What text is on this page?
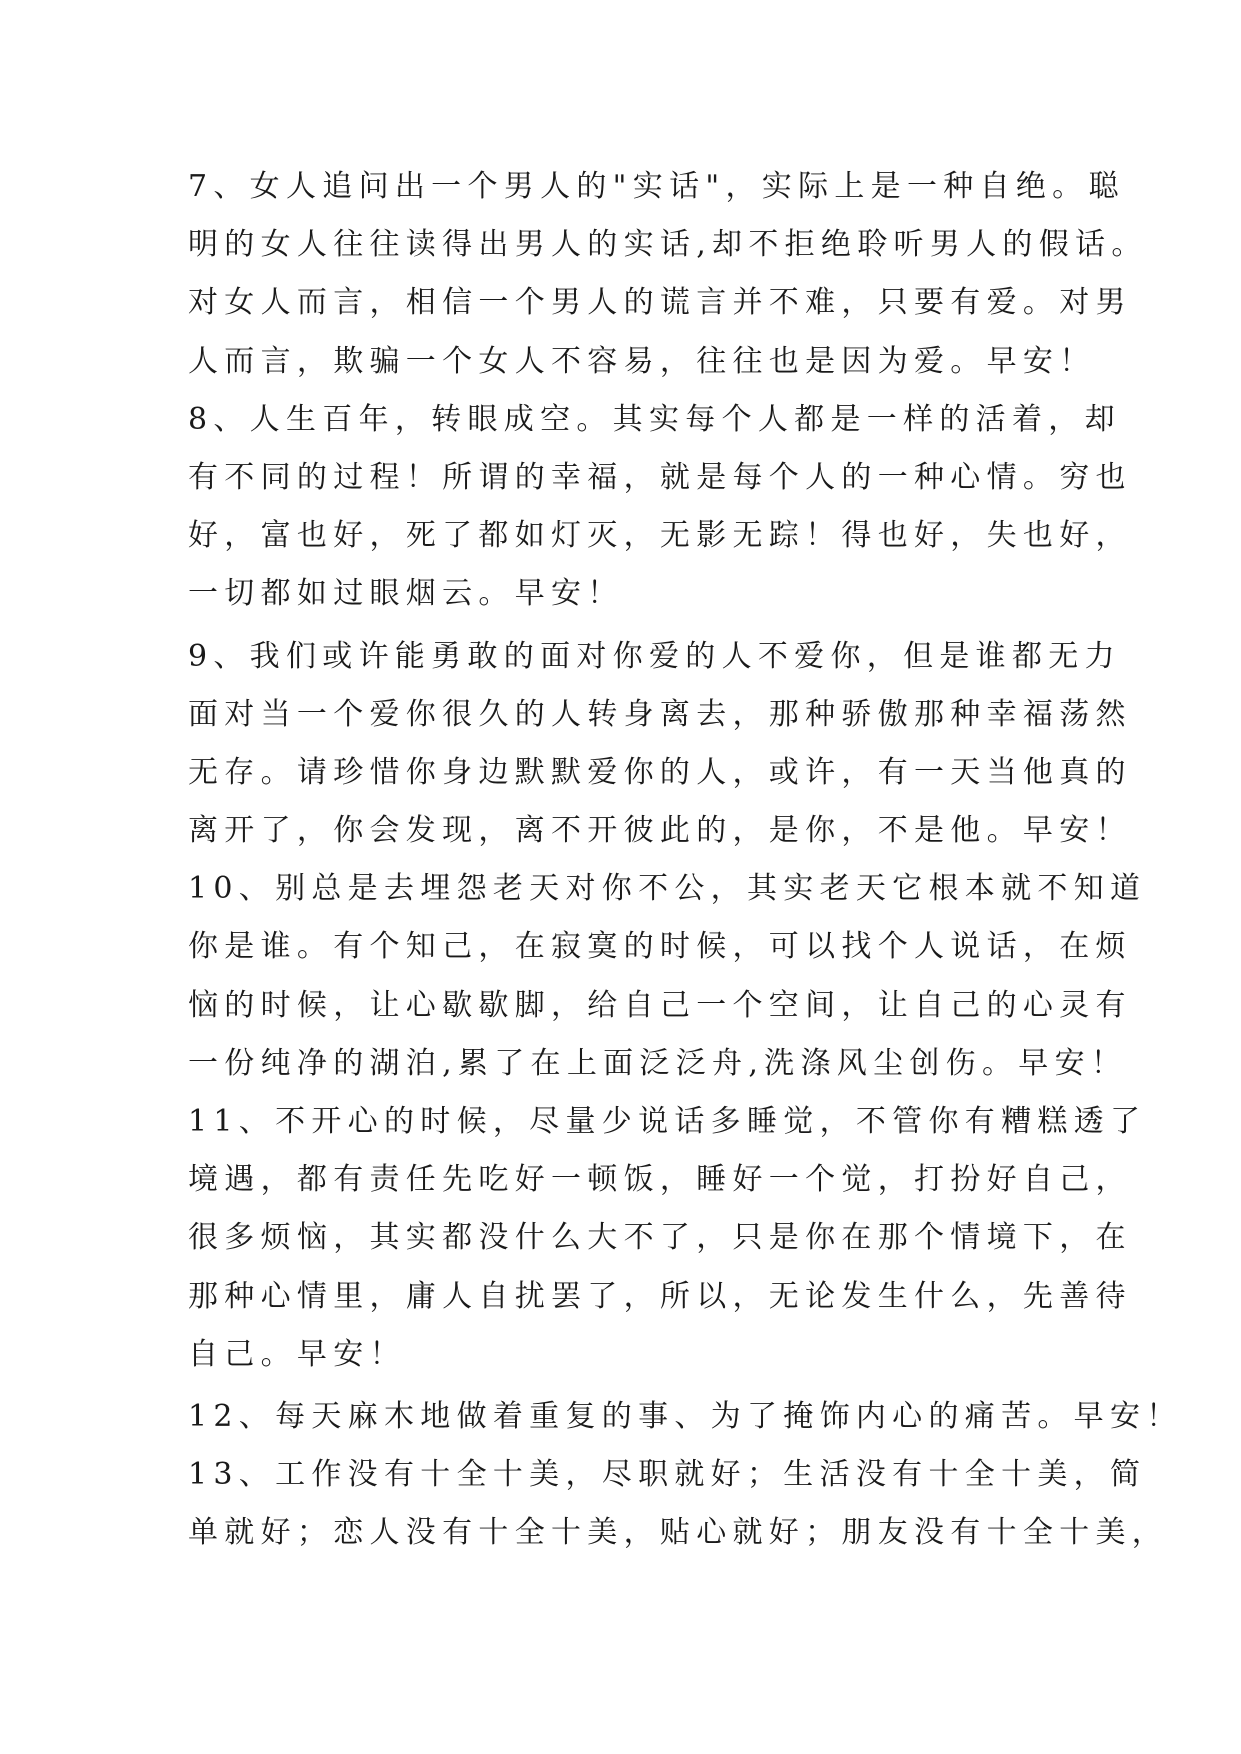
7、女人追问出一个男人的"实话"，实际上是一种自绝。聪
明的女人往往读得出男人的实话,却不拒绝聆听男人的假话。
对女人而言，相信一个男人的谎言并不难，只要有爱。对男
人而言，欺骗一个女人不容易，往往也是因为爱。早安！
8、人生百年，转眼成空。其实每个人都是一样的活着，却
有不同的过程！所谓的幸福，就是每个人的一种心情。穷也
好，富也好，死了都如灯灭，无影无踪！得也好，失也好，
一切都如过眼烟云。早安！
9、我们或许能勇敢的面对你爱的人不爱你，但是谁都无力
面对当一个爱你很久的人转身离去，那种骄傲那种幸福荡然
无存。请珍惜你身边默默爱你的人，或许，有一天当他真的
离开了，你会发现，离不开彼此的，是你，不是他。早安！
10、别总是去埋怨老天对你不公，其实老天它根本就不知道
你是谁。有个知己，在寂寞的时候，可以找个人说话，在烦
恼的时候，让心歇歇脚，给自己一个空间，让自己的心灵有
一份纯净的湖泊,累了在上面泛泛舟,洗涤风尘创伤。早安！
11、不开心的时候，尽量少说话多睡觉，不管你有糟糕透了
境遇，都有责任先吃好一顿饭，睡好一个觉，打扮好自己，
很多烦恼，其实都没什么大不了，只是你在那个情境下，在
那种心情里，庸人自扰罢了，所以，无论发生什么，先善待
自己。早安！
12、每天麻木地做着重复的事、为了掩饰内心的痛苦。早安！
13、工作没有十全十美，尽职就好；生活没有十全十美，简
单就好；恋人没有十全十美，贴心就好；朋友没有十全十美，
